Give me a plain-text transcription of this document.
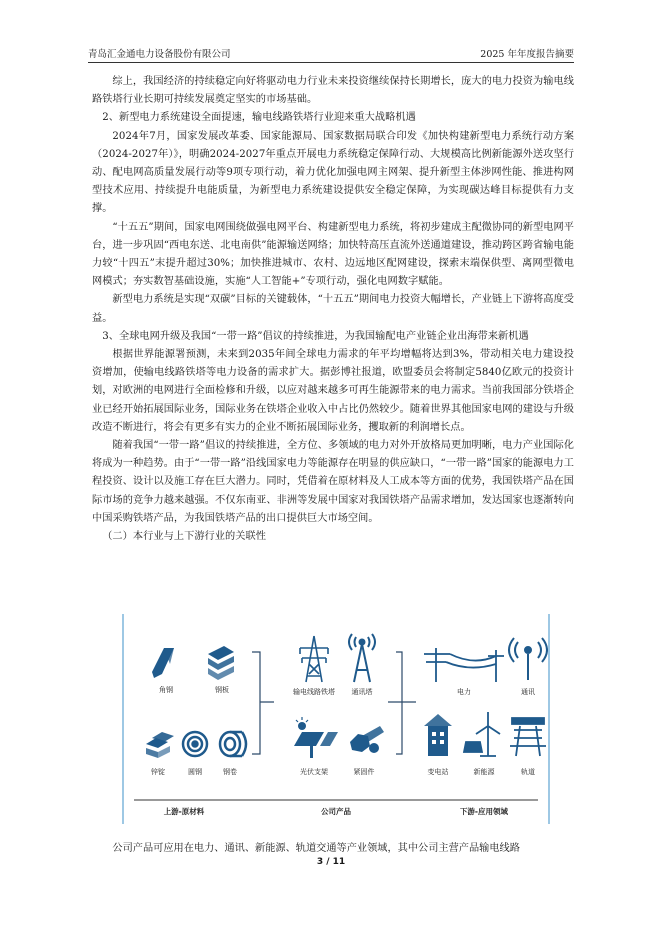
青岛汇金通电力设备股份有限公司	2025 年年度报告摘要

综上，我国经济的持续稳定向好将驱动电力行业未来投资继续保持长期增长，庞大的电力投资为输电线路铁塔行业长期可持续发展奠定坚实的市场基础。

2、新型电力系统建设全面提速，输电线路铁塔行业迎来重大战略机遇

2024年7月，国家发展改革委、国家能源局、国家数据局联合印发《加快构建新型电力系统行动方案（2024-2027年）》，明确2024-2027年重点开展电力系统稳定保障行动、大规模高比例新能源外送攻坚行动、配电网高质量发展行动等9项专项行动，着力优化加强电网主网架、提升新型主体涉网性能、推进构网型技术应用、持续提升电能质量，为新型电力系统建设提供安全稳定保障，为实现碳达峰目标提供有力支撑。

“十五五”期间，国家电网围绕做强电网平台、构建新型电力系统，将初步建成主配微协同的新型电网平台，进一步巩固“西电东送、北电南供”能源输送网络；加快特高压直流外送通道建设，推动跨区跨省输电能力较“十四五”末提升超过30%；加快推进城市、农村、边远地区配网建设，探索末端保供型、离网型微电网模式；夯实数智基础设施，实施“人工智能+”专项行动，强化电网数字赋能。

新型电力系统是实现“双碳”目标的关键载体，“十五五”期间电力投资大幅增长，产业链上下游将高度受益。

3、全球电网升级及我国“一带一路”倡议的持续推进，为我国输配电产业链企业出海带来新机遇

根据世界能源署预测，未来到2035年间全球电力需求的年平均增幅将达到3%，带动相关电力建设投资增加，使输电线路铁塔等电力设备的需求扩大。据彭博社报道，欧盟委员会将制定5840亿欧元的投资计划，对欧洲的电网进行全面检修和升级，以应对越来越多可再生能源带来的电力需求。当前我国部分铁塔企业已经开始拓展国际业务，国际业务在铁塔企业收入中占比仍然较少。随着世界其他国家电网的建设与升级改造不断进行，将会有更多有实力的企业不断拓展国际业务，攫取新的利润增长点。

随着我国“一带一路”倡议的持续推进，全方位、多领域的电力对外开放格局更加明晰，电力产业国际化将成为一种趋势。由于“一带一路”沿线国家电力等能源存在明显的供应缺口，“一带一路”国家的能源电力工程投资、设计以及施工存在巨大潜力。同时，凭借着在原材料及人工成本等方面的优势，我国铁塔产品在国际市场的竞争力越来越强。不仅东南亚、非洲等发展中国家对我国铁塔产品需求增加，发达国家也逐渐转向中国采购铁塔产品，为我国铁塔产品的出口提供巨大市场空间。

（二）本行业与上下游行业的关联性

角钢	钢板
锌锭	圆钢	钢卷
输电线路铁塔 通讯塔
光伏支架	紧固件
电力	通讯
变电站	新能源	轨道
上游-原材料	公司产品	下游-应用领域
公司产品可应用在电力、通讯、新能源、轨道交通等产业领域，其中公司主营产品输电线路
3 / 11
